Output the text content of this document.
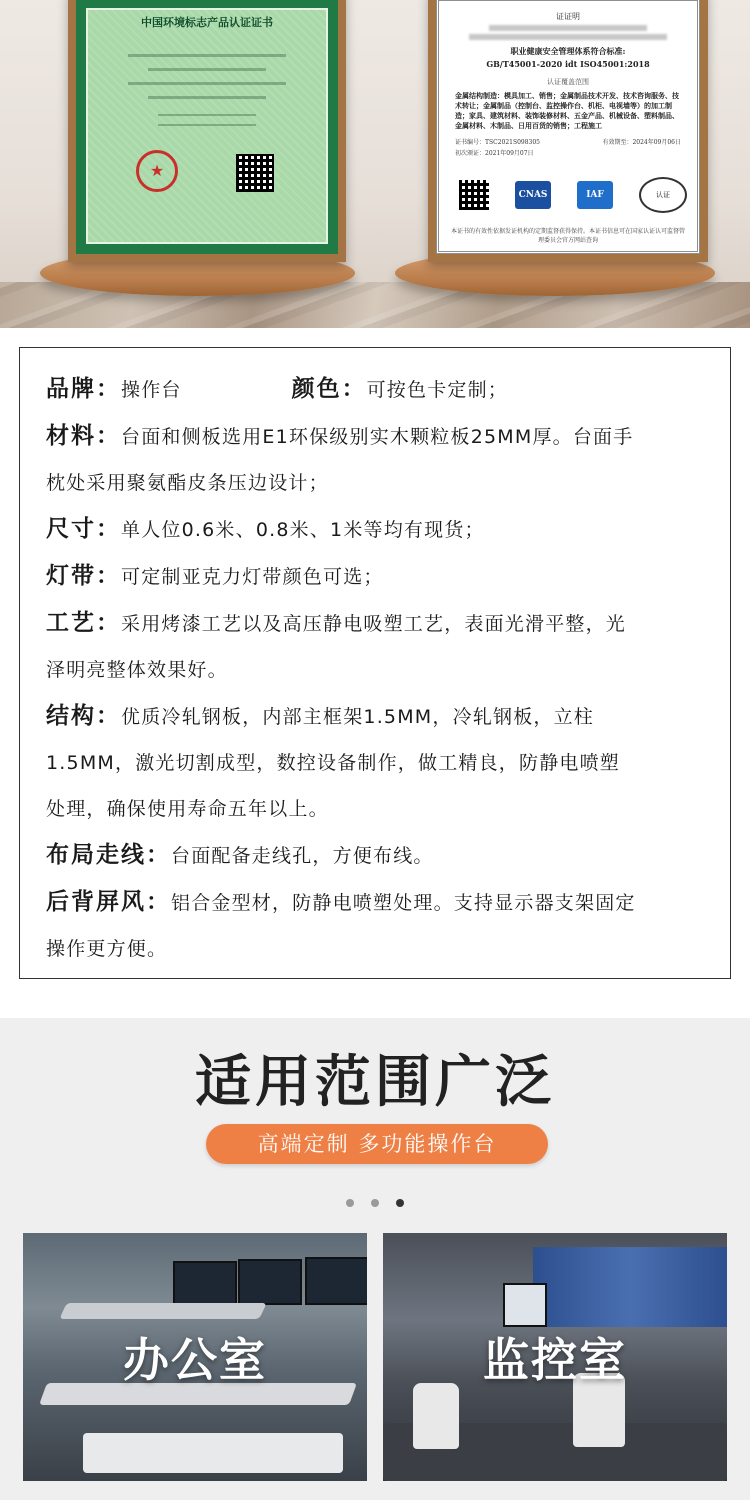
中国环境标志产品认证证书
★
证证明
职业健康安全管理体系符合标准:
GB/T45001-2020 idt ISO45001:2018
认证覆盖范围
金属结构制造：模具加工、销售；金属制品技术开发、技术咨询服务、技术转让；金属制品（控制台、监控操作台、机柜、电视墙等）的加工制造；家具、建筑材料、装饰装修材料、五金产品、机械设备、塑料制品、金属材料、木制品、日用百货的销售；工程施工
证书编号：TSC2021S098305	有效期至：2024年09月06日
初次颁证：2021年09月07日
CNAS	IAF	认证
本证书的有效性依据发证机构的定期监督获得保持。本证书信息可在国家认证认可监督管理委员会官方网站查询

品牌：操作台	颜色：可按色卡定制；

材料：台面和侧板选用E1环保级别实木颗粒板25MM厚。台面手

枕处采用聚氨酯皮条压边设计；

尺寸：单人位0.6米、0.8米、1米等均有现货；

灯带：可定制亚克力灯带颜色可选；

工艺：采用烤漆工艺以及高压静电吸塑工艺，表面光滑平整，光

泽明亮整体效果好。

结构：优质冷轧钢板，内部主框架1.5MM，冷轧钢板，立柱

1.5MM，激光切割成型，数控设备制作，做工精良，防静电喷塑

处理，确保使用寿命五年以上。

布局走线：台面配备走线孔，方便布线。

后背屏风：铝合金型材，防静电喷塑处理。支持显示器支架固定

操作更方便。

适用范围广泛
高端定制 多功能操作台
办公室	监控室
